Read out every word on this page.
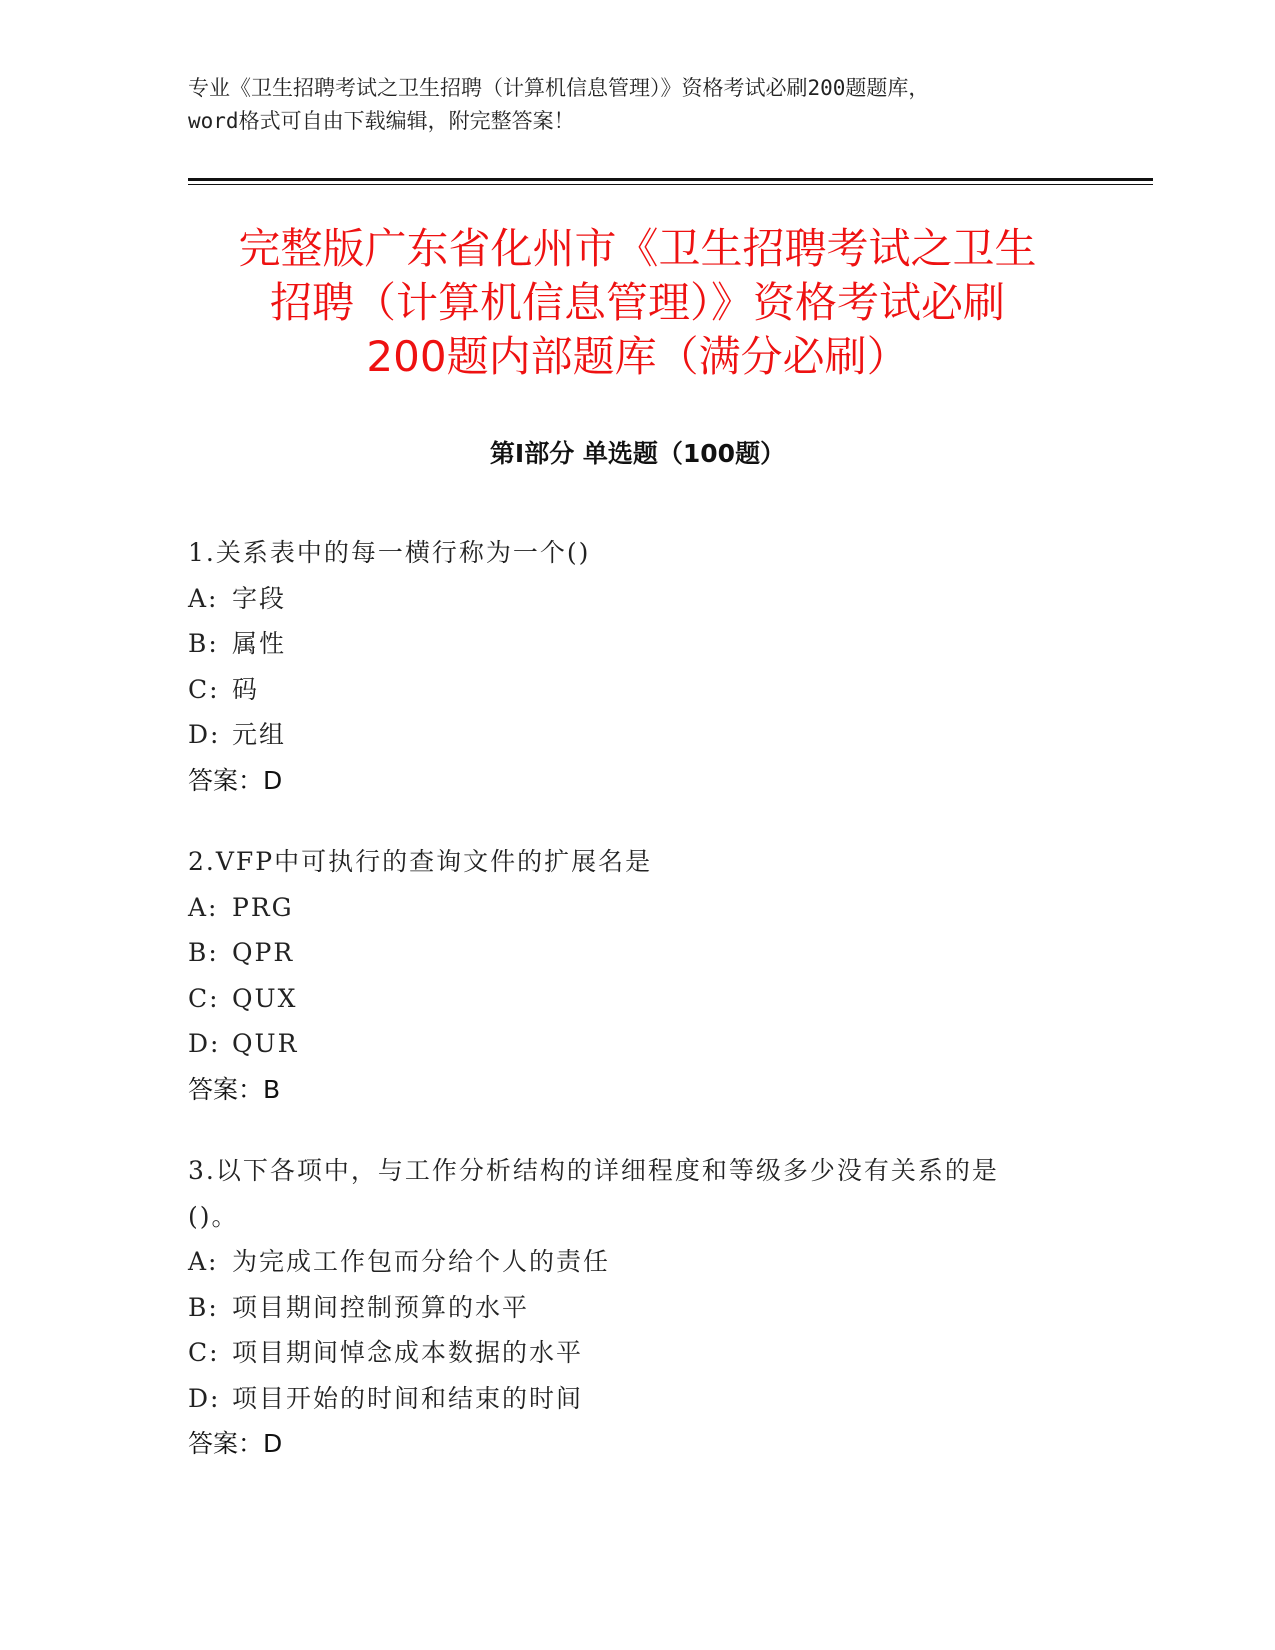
专业《卫生招聘考试之卫生招聘（计算机信息管理）》资格考试必刷200题题库，
word格式可自由下载编辑，附完整答案！
完整版广东省化州市《卫生招聘考试之卫生
招聘（计算机信息管理）》资格考试必刷
200题内部题库（满分必刷）
第Ⅰ部分 单选题（100题）
1.关系表中的每一横行称为一个()
A: 字段
B: 属性
C: 码
D: 元组
答案：D
2.VFP中可执行的查询文件的扩展名是
A: PRG
B: QPR
C: QUX
D: QUR
答案：B
3.以下各项中，与工作分析结构的详细程度和等级多少没有关系的是
()。
A: 为完成工作包而分给个人的责任
B: 项目期间控制预算的水平
C: 项目期间悼念成本数据的水平
D: 项目开始的时间和结束的时间
答案：D
